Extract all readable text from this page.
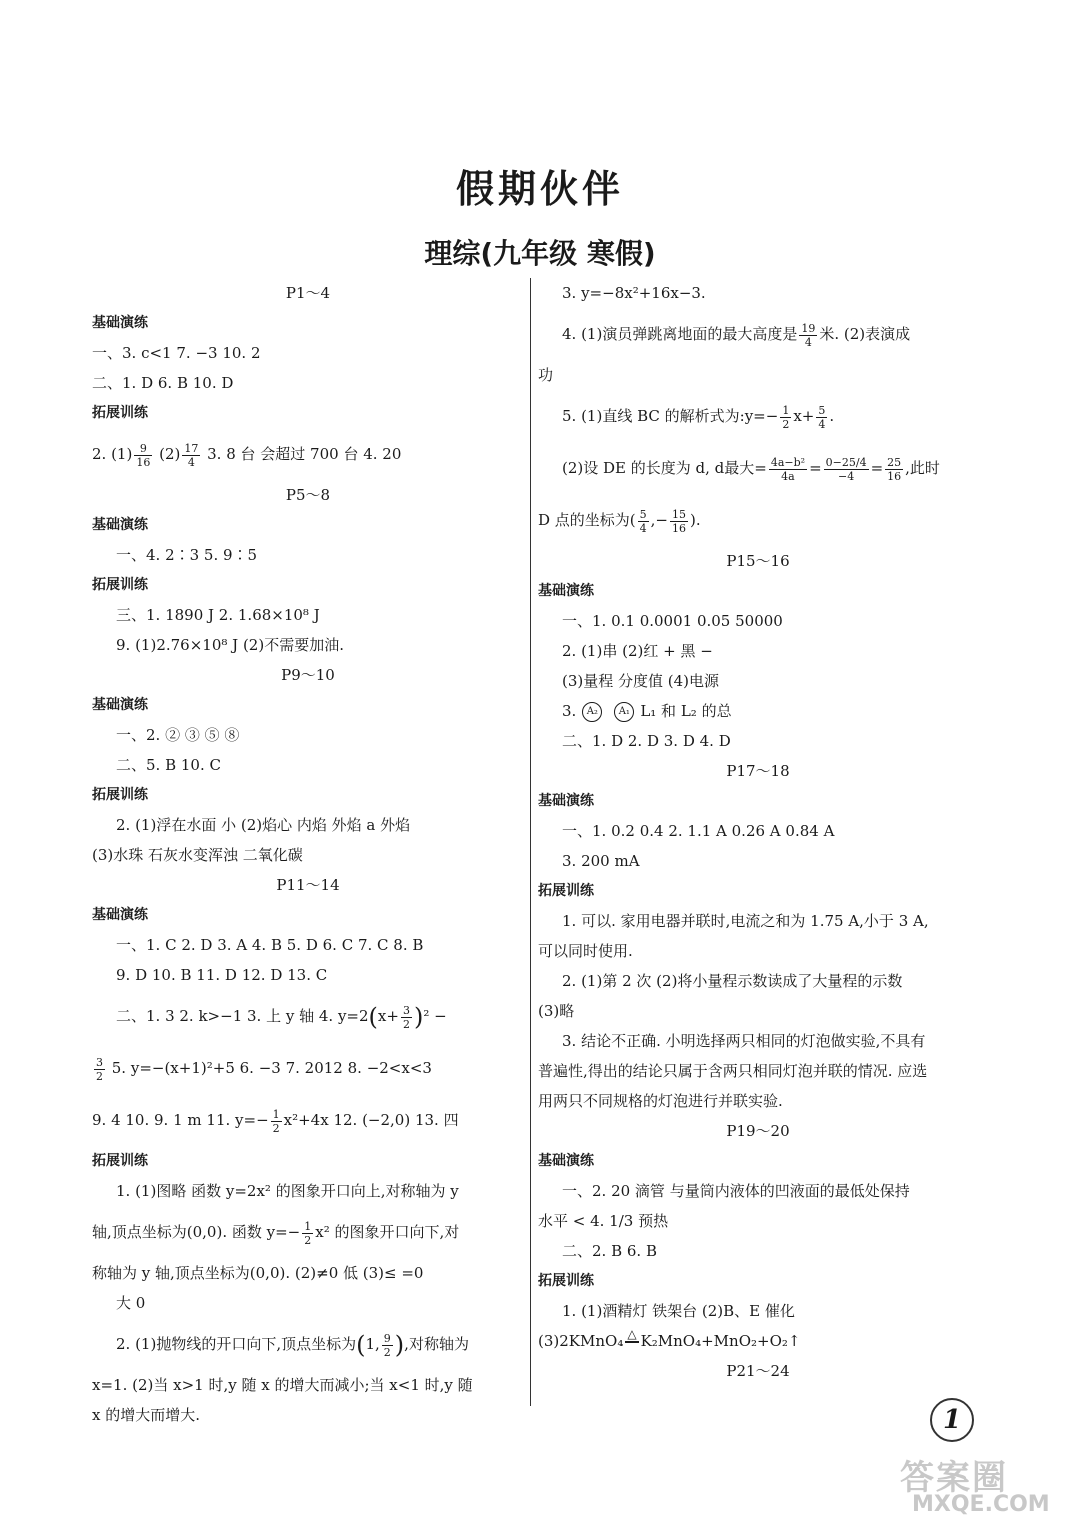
假期伙伴
理综(九年级 寒假)
P1～4
基础演练
一、3. c<1 7. −3 10. 2
二、1. D 6. B 10. D
拓展训练
2. $(1) \frac{9}{16} (2) \frac{17}{4} 3$. 8 台 会超过 700 台 4. 20
P5～8
基础演练
一、4. 2∶3 5. 9∶5
拓展训练
三、1. 1890 J 2. 1.68×10⁸ J
9. (1)2.76×10⁸ J (2)不需要加油.
P9～10
基础演练
一、2. ② ③ ⑤ ⑧
二、5. B 10. C
拓展训练
2. (1)浮在水面 小 (2)焰心 内焰 外焰 a 外焰
(3)水珠 石灰水变浑浊 二氧化碳
P11～14
基础演练
一、1. C 2. D 3. A 4. B 5. D 6. C 7. C 8. B
9. D 10. B 11. D 12. D 13. C
二、1. 3 2. k>−1 3. 上 y 轴 4. $y=2(x+ \frac{3}{2} )^2$ −
$\frac{3}{2} 5$. y=−(x+1)²+5 6. −3 7. 2012 8. −2<x<3
9. 4 10. 9. 1 m 11. $y=- \frac{1}{2} x^2+4x$ 12. (−2,0) 13. 四
拓展训练
1. (1)图略 函数 y=2x² 的图象开口向上,对称轴为 y
轴,顶点坐标为(0,0). 函数 $y=- \frac{1}{2} x^2$ 的图象开口向下,对
称轴为 y 轴,顶点坐标为(0,0). (2)≠0 低 (3)≤ =0
大 0
2. (1)抛物线的开口向下,顶点坐标为(1, $\frac{9}{2}$ ),对称轴为
x=1. (2)当 x>1 时,y 随 x 的增大而减小;当 x<1 时,y 随
x 的增大而增大.
3. y=−8x²+16x−3.
4. (1)演员弹跳离地面的最大高度是 $\frac{19}{4}$ 米. (2)表演成
功
5. (1)直线 BC 的解析式为:y=− $\frac{1}{2} x+ \frac{5}{4}$ .
(2)设 DE 的长度为 d, d最大= $\frac{\text{4a−b²}}{4a} = \frac{0-25/4}{-4} = \frac{25}{16}$ ,此时
D 点的坐标为( $\frac{5}{4}$ ,− $\frac{15}{16}$ ).
P15～16
基础演练
一、1. 0.1 0.0001 0.05 50000
2. (1)串 (2)红 + 黑 −
(3)量程 分度值 (4)电源
3. A₂ A₁ L₁ 和 L₂ 的总
二、1. D 2. D 3. D 4. D
P17～18
基础演练
一、1. 0.2 0.4 2. 1.1 A 0.26 A 0.84 A
3. 200 mA
拓展训练
1. 可以. 家用电器并联时,电流之和为 1.75 A,小于 3 A,
可以同时使用.
2. (1)第 2 次 (2)将小量程示数读成了大量程的示数
(3)略
3. 结论不正确. 小明选择两只相同的灯泡做实验,不具有
普遍性,得出的结论只属于含两只相同灯泡并联的情况. 应选
用两只不同规格的灯泡进行并联实验.
P19～20
基础演练
一、2. 20 滴管 与量筒内液体的凹液面的最低处保持
水平 < 4. 1/3 预热
二、2. B 6. B
拓展训练
1. (1)酒精灯 铁架台 (2)B、E 催化
(3)2KMnO₄ △
K₂MnO₄+MnO₂+O₂↑
P21～24
1
答案圈
MXQE.COM
